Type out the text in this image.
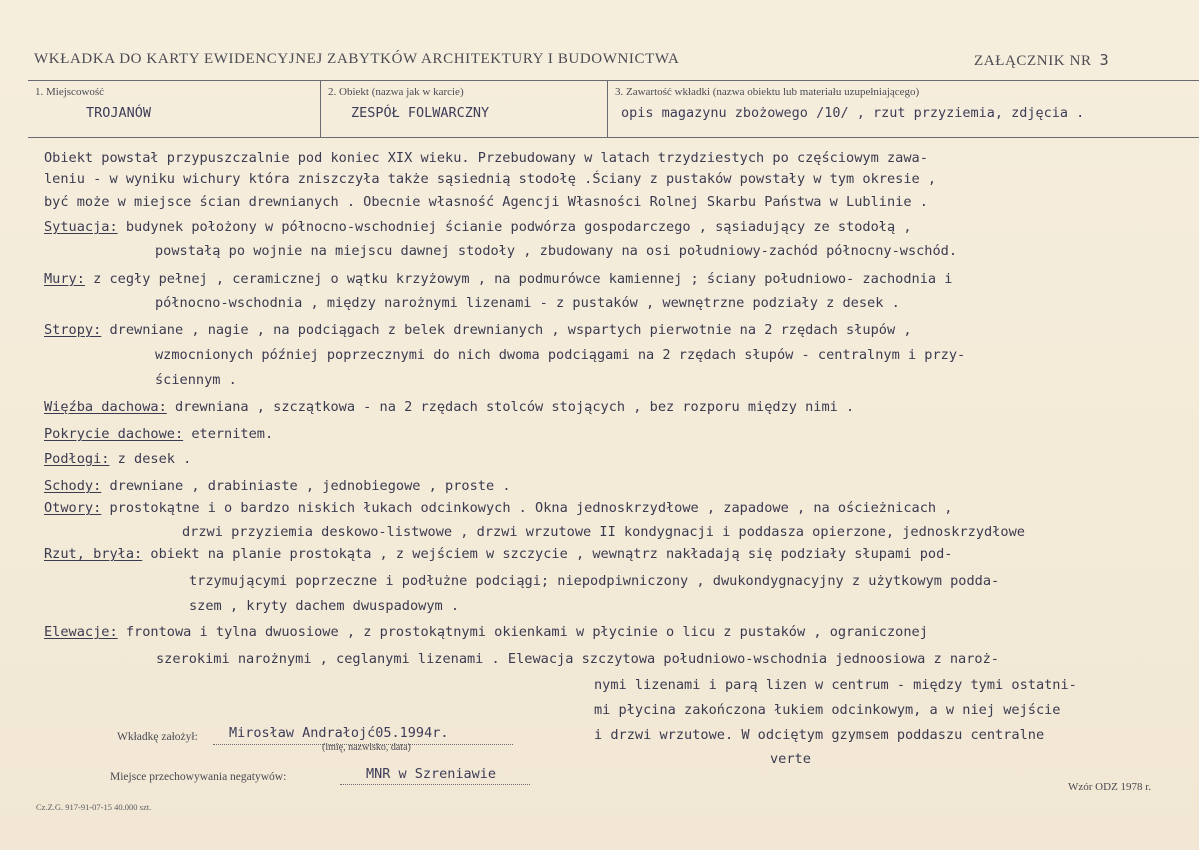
WKŁADKA DO KARTY EWIDENCYJNEJ ZABYTKÓW ARCHITEKTURY I BUDOWNICTWA	ZAŁĄCZNIK NR 3
1. Miejscowość
TROJANÓW
2. Obiekt (nazwa jak w karcie)
ZESPÓŁ FOLWARCZNY
3. Zawartość wkładki (nazwa obiektu lub materiału uzupełniającego)
opis magazynu zbożowego /10/ , rzut przyziemia, zdjęcia .
Obiekt powstał przypuszczalnie pod koniec XIX wieku. Przebudowany w latach trzydziestych po częściowym zawa-
leniu - w wyniku wichury która zniszczyła także sąsiednią stodołę .Ściany z pustaków powstały w tym okresie ,
być może w miejsce ścian drewnianych . Obecnie własność Agencji Własności Rolnej Skarbu Państwa w Lublinie .
Sytuacja: budynek położony w północno-wschodniej ścianie podwórza gospodarczego , sąsiadujący ze stodołą ,
powstałą po wojnie na miejscu dawnej stodoły , zbudowany na osi południowy-zachód północny-wschód.
Mury: z cegły pełnej , ceramicznej o wątku krzyżowym , na podmurówce kamiennej ; ściany południowo- zachodnia i
północno-wschodnia , między narożnymi lizenami - z pustaków , wewnętrzne podziały z desek .
Stropy: drewniane , nagie , na podciągach z belek drewnianych , wspartych pierwotnie na 2 rzędach słupów ,
wzmocnionych później poprzecznymi do nich dwoma podciągami na 2 rzędach słupów - centralnym i przy-
ściennym .
Więźba dachowa: drewniana , szczątkowa - na 2 rzędach stolców stojących , bez rozporu między nimi .
Pokrycie dachowe: eternitem.
Podłogi: z desek .
Schody: drewniane , drabiniaste , jednobiegowe , proste .
Otwory: prostokątne i o bardzo niskich łukach odcinkowych . Okna jednoskrzydłowe , zapadowe , na ościeżnicach ,
drzwi przyziemia deskowo-listwowe , drzwi wrzutowe II kondygnacji i poddasza opierzone, jednoskrzydłowe
Rzut, bryła: obiekt na planie prostokąta , z wejściem w szczycie , wewnątrz nakładają się podziały słupami pod-
trzymującymi poprzeczne i podłużne podciągi; niepodpiwniczony , dwukondygnacyjny z użytkowym podda-
szem , kryty dachem dwuspadowym .
Elewacje: frontowa i tylna dwuosiowe , z prostokątnymi okienkami w płycinie o licu z pustaków , ograniczonej
szerokimi narożnymi , ceglanymi lizenami . Elewacja szczytowa południowo-wschodnia jednoosiowa z naroż-
nymi lizenami i parą lizen w centrum - między tymi ostatni-
mi płycina zakończona łukiem odcinkowym, a w niej wejście
i drzwi wrzutowe. W odciętym gzymsem poddaszu centralne
verte
Wkładkę założył: Mirosław Andrałojć05.1994r.
(imię, nazwisko, data)
Miejsce przechowywania negatywów:	MNR w Szreniawie
Wzór ODZ 1978 r.
Cz.Z.G. 917-91-07-15 40.000 szt.
